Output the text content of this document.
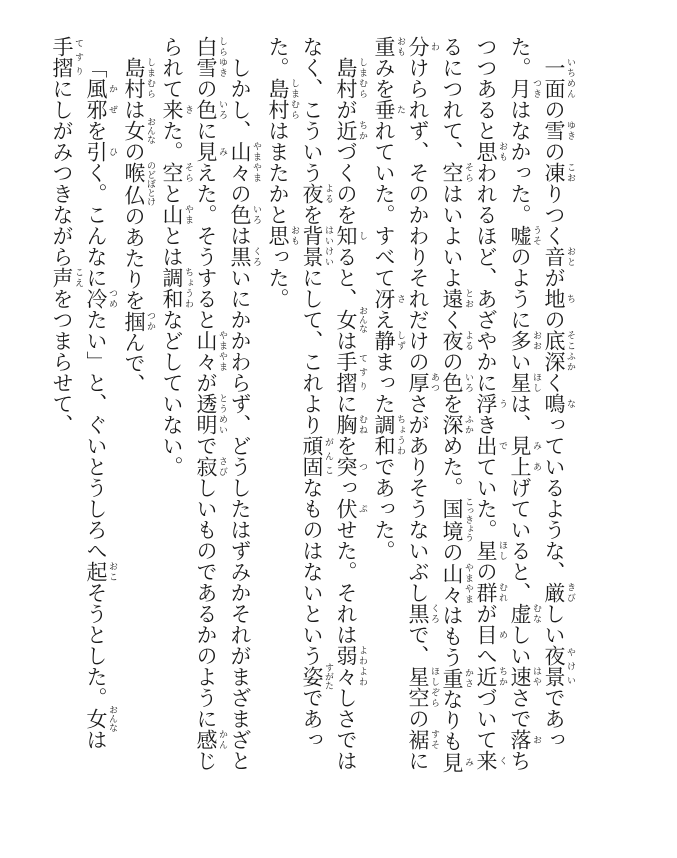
一面 いちめんの雪 ゆきの凍 こおりつく音 おとが地 ちの底深 そこふかく鳴 なっているような、厳 きびしい夜景 やけいであった。月 つきはなかった。嘘 うそのように多 おおい星 ほしは、見 み上 あげていると、虚 むなしい速 はやさで落 おちつつあると思 おもわれるほど、あざやかに浮 うき出 でていた。星 ほしの群 むれが目 めへ近 ちかづいて来 くるにつれて、空 そらはいよいよ遠 とおく夜 よるの色 いろを深 ふかめた。国境 こっきょうの山々 やまやまはもう重 かさなりも見 み分 わけられず、そのかわりそれだけの厚 あつさがありそうないぶし黒 くろで、星空 ほしぞらの裾 すそに重 おもみを垂 たれていた。すべて冴 さえ静 しずまった調和 ちょうわであった。

島村 しまむらが近 ちかづくのを知 しると、女 おんなは手摺 てすりに胸 むねを突 つっ伏 ぷせた。それは弱々 よわよわしさではなく、こういう夜 よるを背景 はいけいにして、これより頑固 がんこなものはないという姿 すがたであった。島村 しまむらはまたかと思 おもった。

しかし、山々 やまやまの色 いろは黒 くろいにかかわらず、どうしたはずみかそれがまざまざと白雪 しらゆきの色 いろに見 みえた。そうすると山々 やまやまが透明 とうめいで寂 さびしいものであるかのように感 かんじられて来 きた。空 そらと山 やまとは調和 ちょうわなどしていない。

島村 しまむらは女 おんなの喉仏 のどぼとけのあたりを掴 つかんで、

「風邪 かぜを引 ひく。こんなに冷 つめたい」と、ぐいとうしろへ起 おこそうとした。女 おんなは手摺 てすりにしがみつきながら声 こえをつまらせて、
